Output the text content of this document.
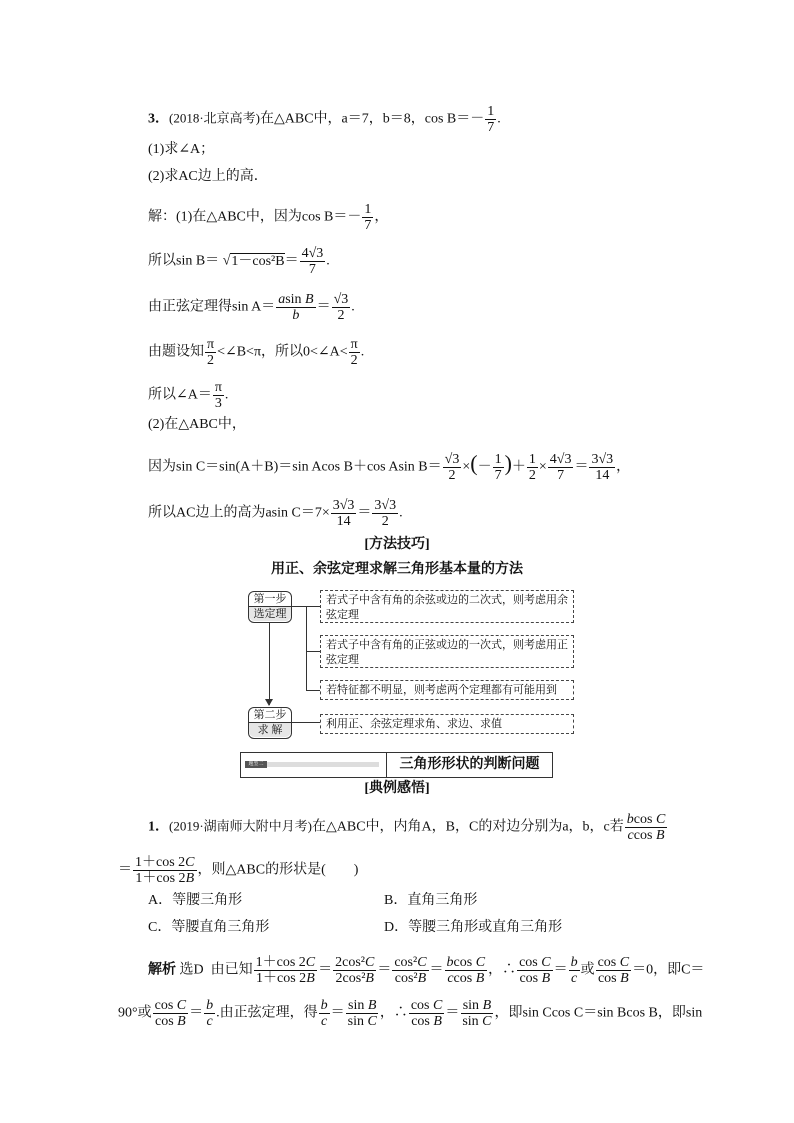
3．(2018·北京高考)在△ABC中，a＝7，b＝8，$\cos B=- \frac{1}{7}$ .
(1)求∠A；
(2)求AC边上的高．
解：(1)在△ABC中，因为$\cos B=- \frac{1}{7}$ ，
所以$\sin B= √1-\cos^2B= \frac{4√3}{7}$ .
由正弦定理得$\sin A= \frac{\text{asin B}}{b} = \frac{√3}{2}$ .
由题设知 $\frac{\pi}{2}$ <∠B<π，所以0<∠A< $\frac{\pi}{2}$ .
所以∠A＝ $\frac{\pi}{3}$ .
(2)在△ABC中，
因为sin C＝sin(A＋B)＝sin Acos B＋cos Asin $B= \frac{√3}{2}$ ×(－ $\frac{1}{7}$ )＋ $\frac{1}{2} \times \frac{4√3}{7} = \frac{3√3}{14}$ ，
所以AC边上的高为asin $C=7\times \frac{3√3}{14} = \frac{3√3}{2}$ .
[方法技巧]
用正、余弦定理求解三角形基本量的方法
第一步
选定理
第二步
求 解
若式子中含有角的余弦或边的二次式，则考虑用余弦定理
若式子中含有角的正弦或边的一次式，则考虑用正弦定理
若特征都不明显，则考虑两个定理都有可能用到
利用正、余弦定理求角、求边、求值
题型二	三角形形状的判断问题
[典例感悟]
1．(2019·湖南师大附中月考)在△ABC中，内角A，B，C的对边分别为a，b，c若 $\frac{\text{bcos C}}{\text{ccos B}}$
＝ $\frac{1+\cos 2C}{1+\cos 2B}$ ，则△ABC的形状是(　　)
A．等腰三角形	B．直角三角形
C．等腰直角三角形	D．等腰三角形或直角三角形
解析 选D 由已知 $\frac{1+\cos 2C}{1+\cos 2B} = \frac{\text{2cos²C}}{\text{2cos²B}} = \frac{\text{cos²C}}{\text{cos²B}} = \frac{\text{bcos C}}{\text{ccos B}}$ ，∴ $\frac{\text{cos C}}{\text{cos B}} = \frac{b}{c}$ 或 $\frac{\text{cos C}}{\text{cos B}} =0$，即C＝
90°或 $\frac{\text{cos C}}{\text{cos B}} = \frac{b}{c}$ .由正弦定理，得 $\frac{b}{c} = \frac{\text{sin B}}{\text{sin C}}$ ，∴ $\frac{\text{cos C}}{\text{cos B}} = \frac{\text{sin B}}{\text{sin C}}$ ，即sin Ccos C＝sin Bcos B，即sin
